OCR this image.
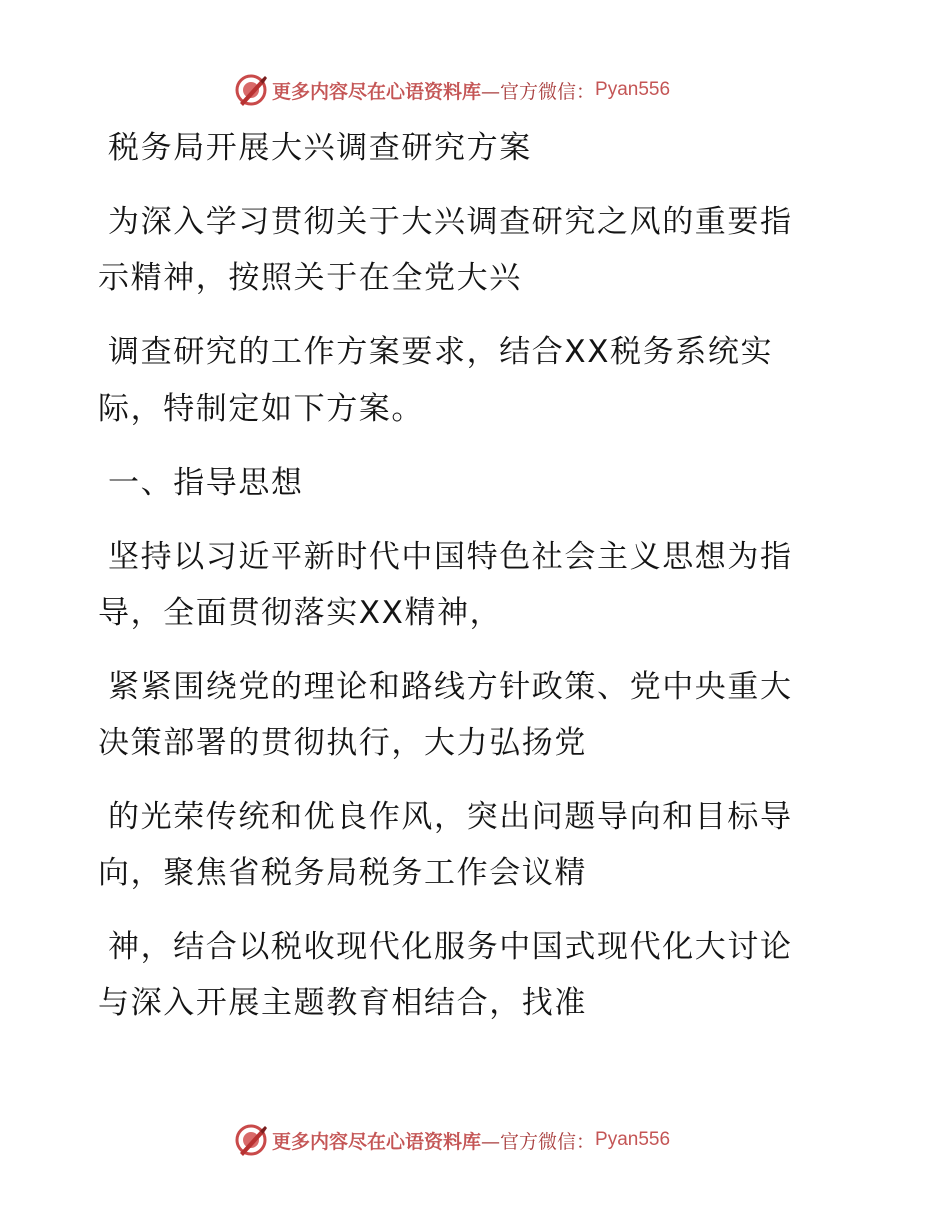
更多内容尽在心语资料库 —官方微信： Pyan556
税务局开展大兴调查研究方案
为深入学习贯彻关于大兴调查研究之风的重要指
示精神，按照关于在全党大兴
调查研究的工作方案要求，结合XX税务系统实
际，特制定如下方案。
一、指导思想
坚持以习近平新时代中国特色社会主义思想为指
导，全面贯彻落实XX精神，
紧紧围绕党的理论和路线方针政策、党中央重大
决策部署的贯彻执行，大力弘扬党
的光荣传统和优良作风，突出问题导向和目标导
向，聚焦省税务局税务工作会议精
神，结合以税收现代化服务中国式现代化大讨论
与深入开展主题教育相结合，找准
更多内容尽在心语资料库 —官方微信： Pyan556
